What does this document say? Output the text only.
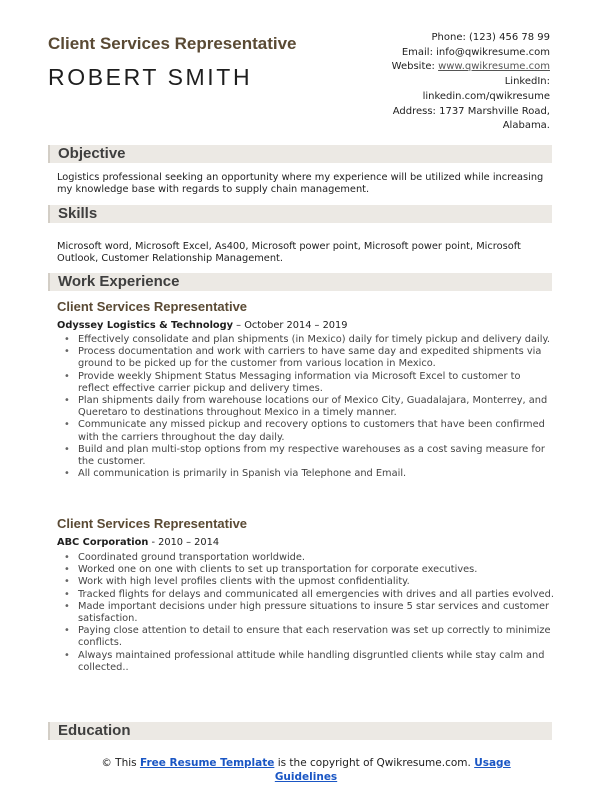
Client Services Representative
ROBERT SMITH
Phone: (123) 456 78 99
Email: info@qwikresume.com
Website: www.qwikresume.com
LinkedIn:
linkedin.com/qwikresume
Address: 1737 Marshville Road,
Alabama.
Objective
Logistics professional seeking an opportunity where my experience will be utilized while increasing my knowledge base with regards to supply chain management.
Skills
Microsoft word, Microsoft Excel, As400, Microsoft power point, Microsoft power point, Microsoft Outlook, Customer Relationship Management.
Work Experience
Client Services Representative
Odyssey Logistics & Technology – October 2014 – 2019
• Effectively consolidate and plan shipments (in Mexico) daily for timely pickup and delivery daily.
• Process documentation and work with carriers to have same day and expedited shipments via ground to be picked up for the customer from various location in Mexico.
• Provide weekly Shipment Status Messaging information via Microsoft Excel to customer to reflect effective carrier pickup and delivery times.
• Plan shipments daily from warehouse locations our of Mexico City, Guadalajara, Monterrey, and Queretaro to destinations throughout Mexico in a timely manner.
• Communicate any missed pickup and recovery options to customers that have been confirmed with the carriers throughout the day daily.
• Build and plan multi-stop options from my respective warehouses as a cost saving measure for the customer.
• All communication is primarily in Spanish via Telephone and Email.
Client Services Representative
ABC Corporation - 2010 – 2014
• Coordinated ground transportation worldwide.
• Worked one on one with clients to set up transportation for corporate executives.
• Work with high level profiles clients with the upmost confidentiality.
• Tracked flights for delays and communicated all emergencies with drives and all parties evolved.
• Made important decisions under high pressure situations to insure 5 star services and customer satisfaction.
• Paying close attention to detail to ensure that each reservation was set up correctly to minimize conflicts.
• Always maintained professional attitude while handling disgruntled clients while stay calm and collected..
Education
© This Free Resume Template is the copyright of Qwikresume.com. Usage
Guidelines
